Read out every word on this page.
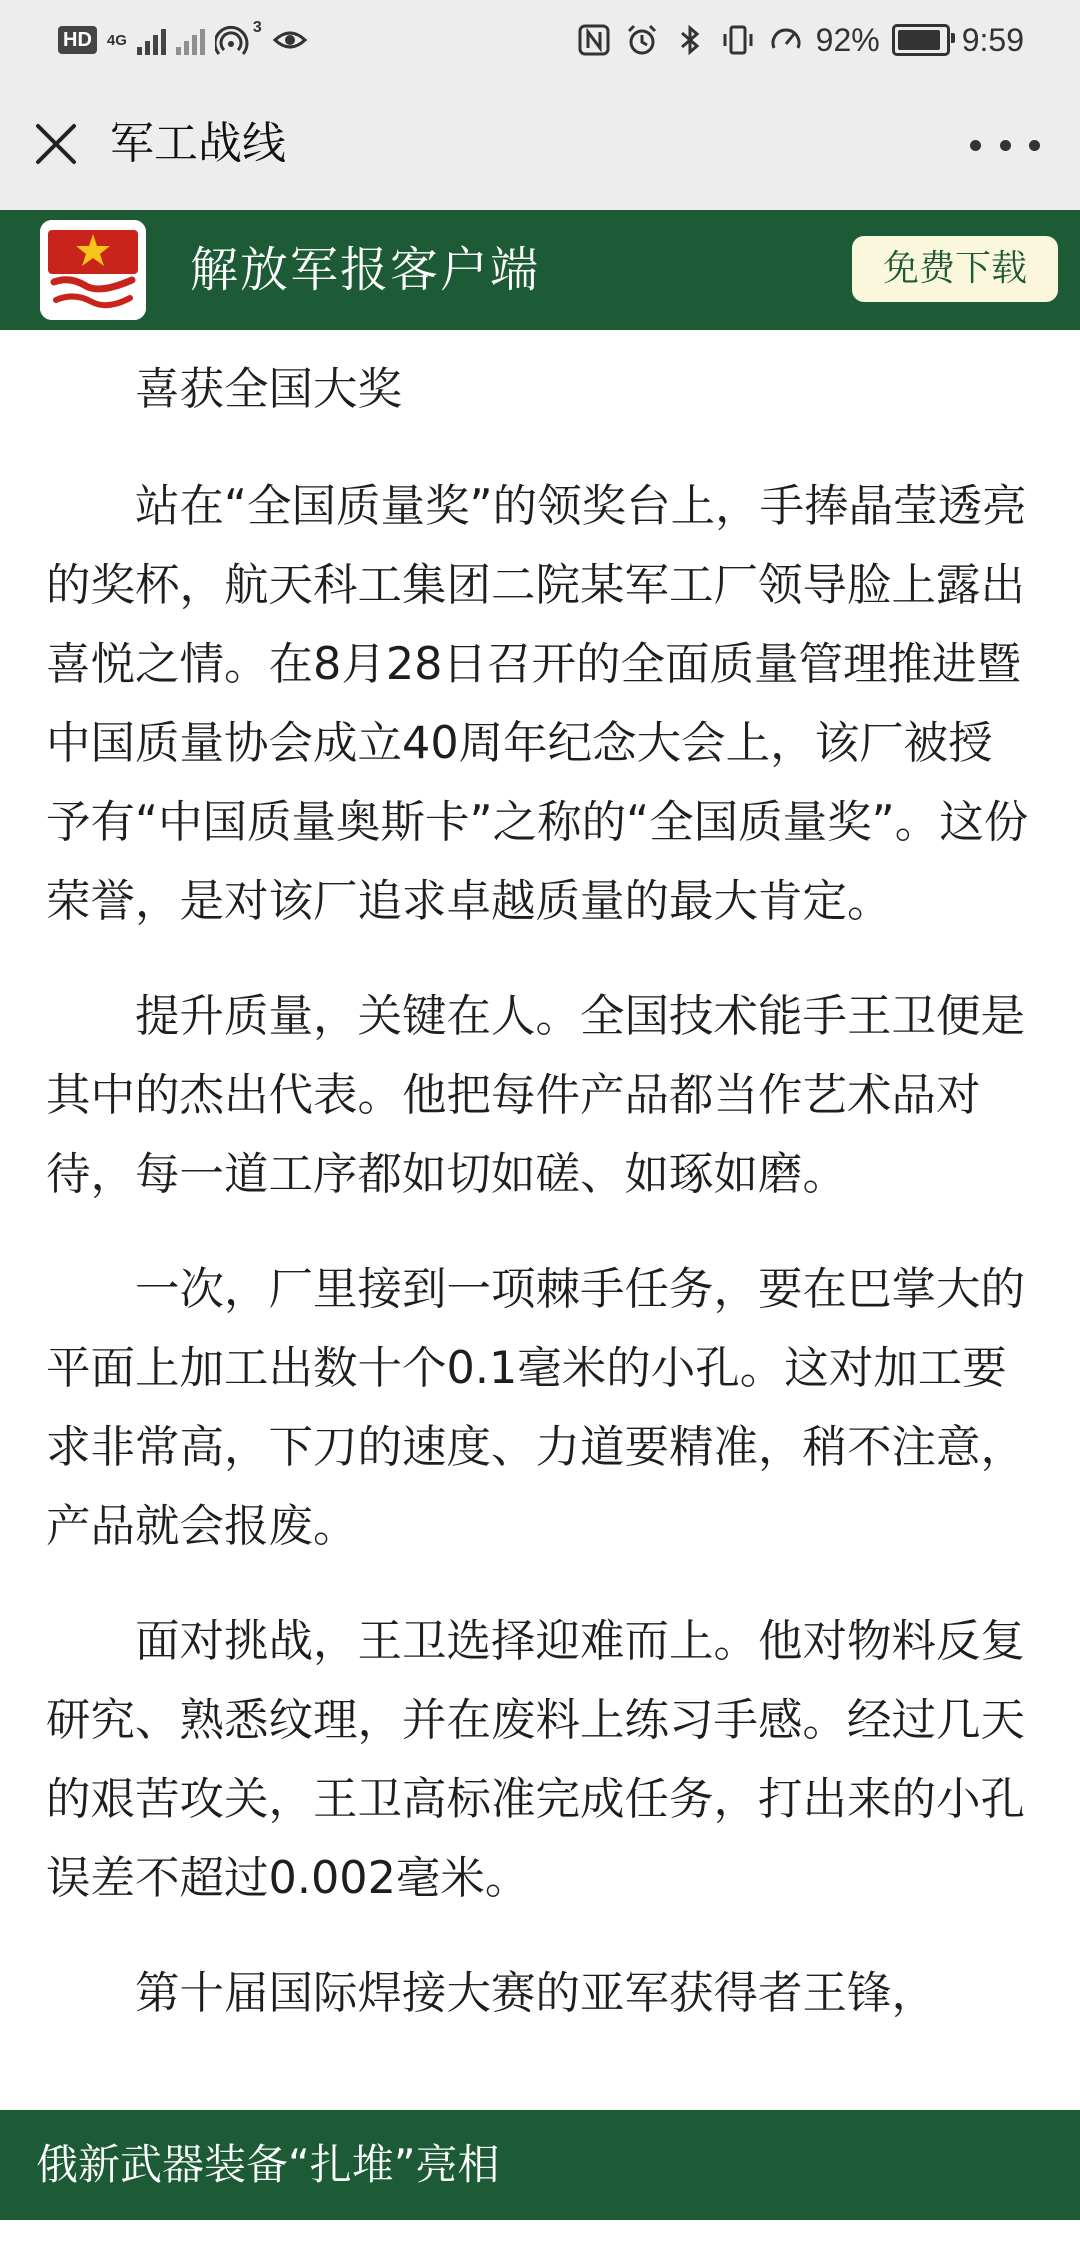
HD	4G
3	92%	9:59
军工战线
解放军报客户端	免费下载

喜获全国大奖

站在“全国质量奖”的领奖台上，手捧晶莹透亮的奖杯，航天科工集团二院某军工厂领导脸上露出喜悦之情。在8月28日召开的全面质量管理推进暨中国质量协会成立40周年纪念大会上，该厂被授予有“中国质量奥斯卡”之称的“全国质量奖”。这份荣誉，是对该厂追求卓越质量的最大肯定。

提升质量，关键在人。全国技术能手王卫便是其中的杰出代表。他把每件产品都当作艺术品对待，每一道工序都如切如磋、如琢如磨。

一次，厂里接到一项棘手任务，要在巴掌大的平面上加工出数十个0.1毫米的小孔。这对加工要求非常高，下刀的速度、力道要精准，稍不注意，产品就会报废。

面对挑战，王卫选择迎难而上。他对物料反复研究、熟悉纹理，并在废料上练习手感。经过几天的艰苦攻关，王卫高标准完成任务，打出来的小孔误差不超过0.002毫米。

第十届国际焊接大赛的亚军获得者王锋，

俄新武器装备“扎堆”亮相
